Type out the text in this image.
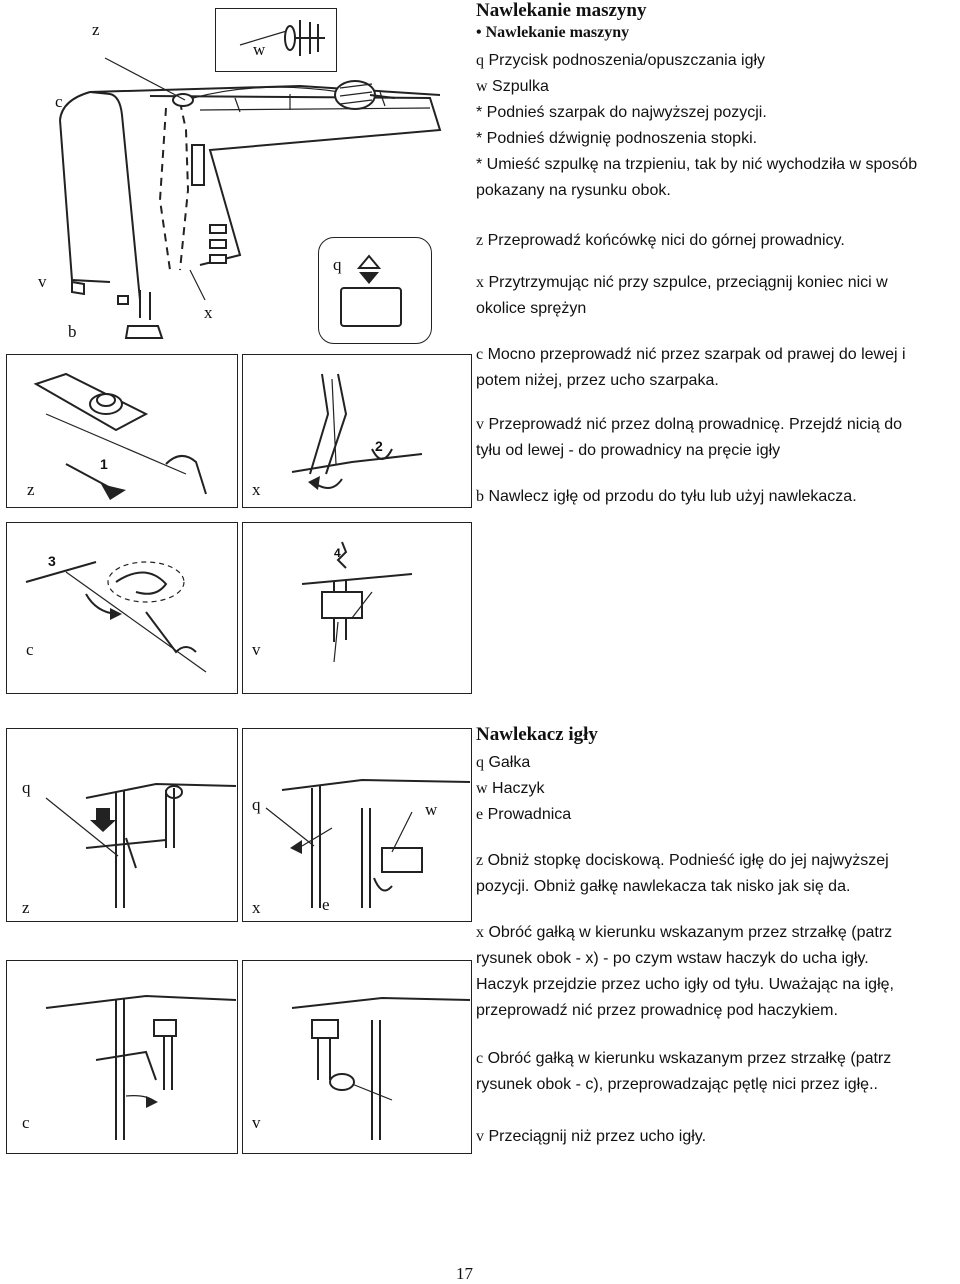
z
w
c
v
b
x
q
z
1
x
2
c
3
v
4
q
z
q	w
x	e
c	v
Nawlekanie maszyny
• Nawlekanie maszyny
q Przycisk podnoszenia/opuszczania igły
w Szpulka
* Podnieś szarpak do najwyższej pozycji.
* Podnieś dźwignię podnoszenia stopki.
* Umieść szpulkę na trzpieniu, tak by nić wychodziła w sposób
pokazany na rysunku obok.
z Przeprowadź końcówkę nici do górnej prowadnicy.
x Przytrzymując nić przy szpulce, przeciągnij koniec nici w
okolice sprężyn
c Mocno przeprowadź nić przez szarpak od prawej do lewej i
potem niżej, przez ucho szarpaka.
v Przeprowadź nić przez dolną prowadnicę. Przejdź nicią do
tyłu od lewej - do prowadnicy na pręcie igły
b Nawlecz igłę od przodu do tyłu lub użyj nawlekacza.
Nawlekacz igły
q Gałka
w Haczyk
e Prowadnica
z Obniż stopkę dociskową. Podnieść igłę do jej najwyższej
pozycji. Obniż gałkę nawlekacza tak nisko jak się da.
x Obróć gałką w kierunku wskazanym przez strzałkę (patrz
rysunek obok - x) - po czym wstaw haczyk do ucha igły.
Haczyk przejdzie przez ucho igły od tyłu. Uważając na igłę,
przeprowadź nić przez prowadnicę pod haczykiem.
c Obróć gałką w kierunku wskazanym przez strzałkę (patrz
rysunek obok - c), przeprowadzając pętlę nici przez igłę..
v Przeciągnij niż przez ucho igły.
17
